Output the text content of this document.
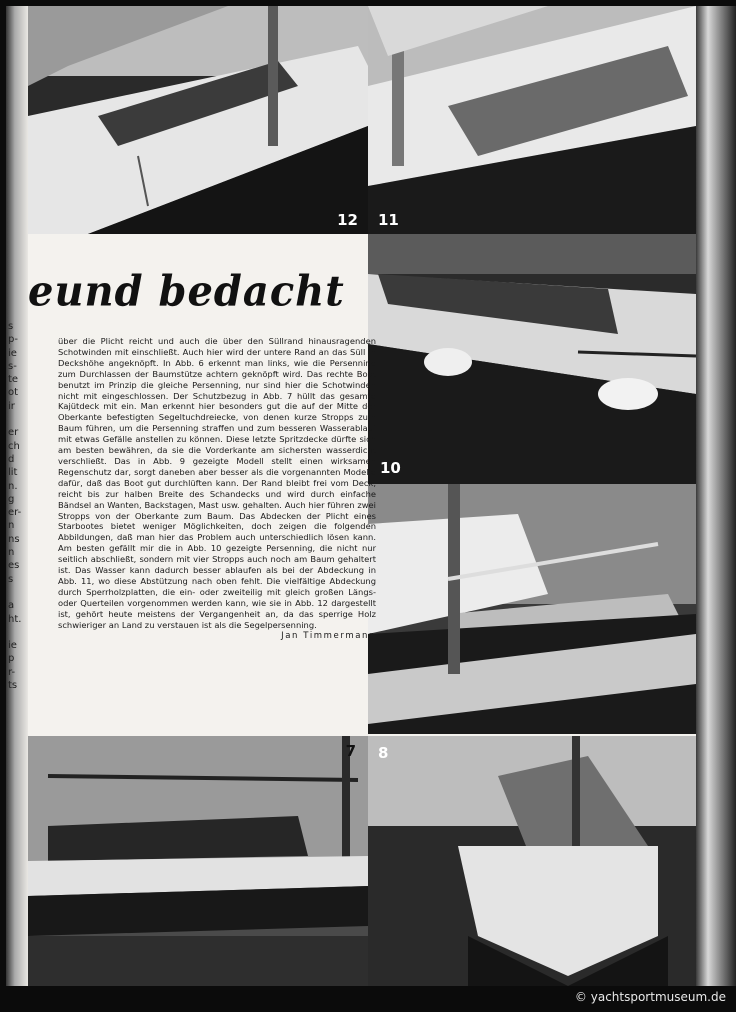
12 11
10
7 8
eund bedacht

über die Plicht reicht und auch die über den Süllrand hinausragenden Schotwinden mit einschließt. Auch hier wird der untere Rand an das Süll in Deckshöhe angeknöpft. In Abb. 6 erkennt man links, wie die Persenning zum Durchlassen der Baumstütze achtern geknöpft wird. Das rechte Boot benutzt im Prinzip die gleiche Persenning, nur sind hier die Schotwinden nicht mit eingeschlossen. Der Schutzbezug in Abb. 7 hüllt das gesamte Kajütdeck mit ein. Man erkennt hier besonders gut die auf der Mitte der Oberkante befestigten Segeltuchdreiecke, von denen kurze Stropps zum Baum führen, um die Persenning straffen und zum besseren Wasserablauf mit etwas Gefälle anstellen zu können. Diese letzte Spritzdecke dürfte sich am besten bewähren, da sie die Vorderkante am sichersten wasserdicht verschließt. Das in Abb. 9 gezeigte Modell stellt einen wirksamen Regenschutz dar, sorgt daneben aber besser als die vorgenannten Modelle dafür, daß das Boot gut durchlüften kann. Der Rand bleibt frei vom Deck, reicht bis zur halben Breite des Schandecks und wird durch einfache Bändsel an Wanten, Backstagen, Mast usw. gehalten. Auch hier führen zwei Stropps von der Oberkante zum Baum. Das Abdecken der Plicht eines Starbootes bietet weniger Möglichkeiten, doch zeigen die folgenden Abbildungen, daß man hier das Problem auch unterschiedlich lösen kann. Am besten gefällt mir die in Abb. 10 gezeigte Persenning, die nicht nur seitlich abschließt, sondern mit vier Stropps auch noch am Baum gehaltert ist. Das Wasser kann dadurch besser ablaufen als bei der Abdeckung in Abb. 11, wo diese Abstützung nach oben fehlt. Die vielfältige Abdeckung durch Sperrholzplatten, die ein- oder zweiteilig mit gleich großen Längs- oder Querteilen vorgenommen werden kann, wie sie in Abb. 12 dargestellt ist, gehört heute meistens der Vergangenheit an, da das sperrige Holz schwieriger an Land zu verstauen ist als die Segelpersenning.

Jan Timmermann
s
p-
ie
s-
te
ot
ir
er
ch
d
lit
n.
g
er-
n
ns
n
es
s
a
ht.
ie
p
r-
ts
© yachtsportmuseum.de
